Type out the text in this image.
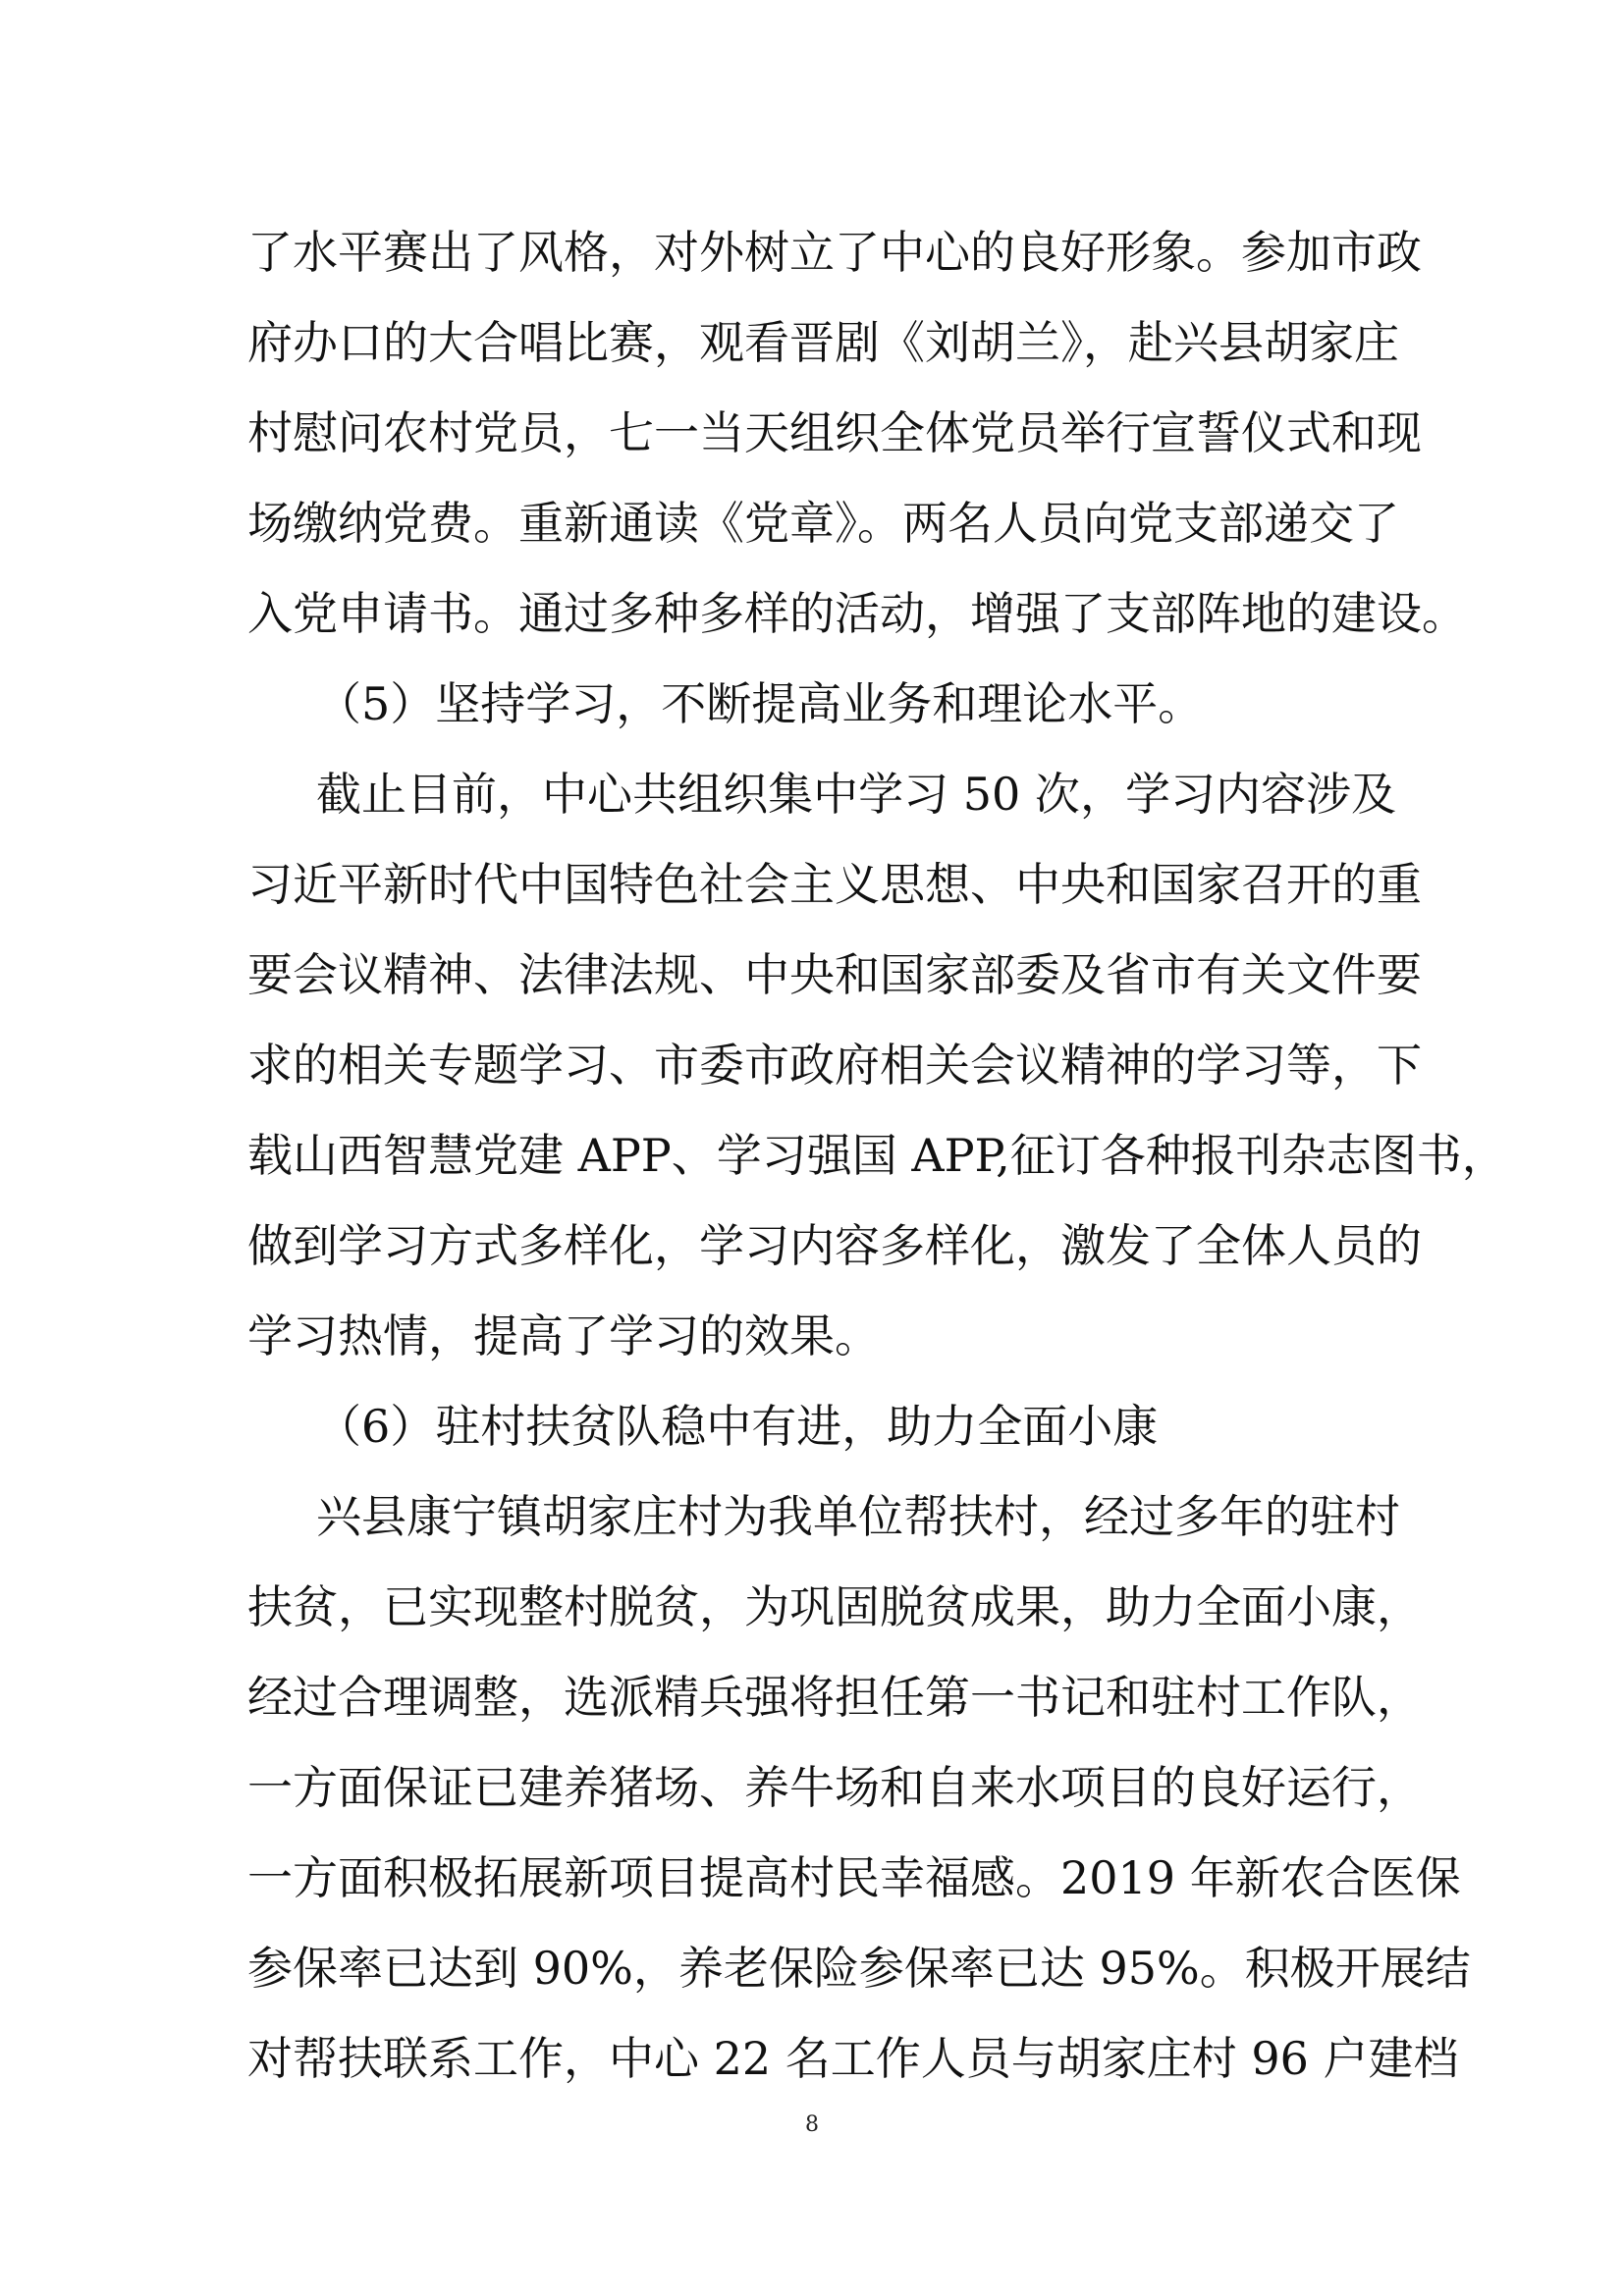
了水平赛出了风格，对外树立了中心的良好形象。参加市政
府办口的大合唱比赛，观看晋剧《刘胡兰》，赴兴县胡家庄
村慰问农村党员，七一当天组织全体党员举行宣誓仪式和现
场缴纳党费。重新通读《党章》。两名人员向党支部递交了
入党申请书。通过多种多样的活动，增强了支部阵地的建设。
（5）坚持学习，不断提高业务和理论水平。
截止目前，中心共组织集中学习 50 次，学习内容涉及
习近平新时代中国特色社会主义思想、中央和国家召开的重
要会议精神、法律法规、中央和国家部委及省市有关文件要
求的相关专题学习、市委市政府相关会议精神的学习等，下
载山西智慧党建 APP、学习强国 APP,征订各种报刊杂志图书，
做到学习方式多样化，学习内容多样化，激发了全体人员的
学习热情，提高了学习的效果。
（6）驻村扶贫队稳中有进，助力全面小康
兴县康宁镇胡家庄村为我单位帮扶村，经过多年的驻村
扶贫，已实现整村脱贫，为巩固脱贫成果，助力全面小康，
经过合理调整，选派精兵强将担任第一书记和驻村工作队，
一方面保证已建养猪场、养牛场和自来水项目的良好运行，
一方面积极拓展新项目提高村民幸福感。2019 年新农合医保
参保率已达到 90%，养老保险参保率已达 95%。积极开展结
对帮扶联系工作，中心 22 名工作人员与胡家庄村 96 户建档
8
